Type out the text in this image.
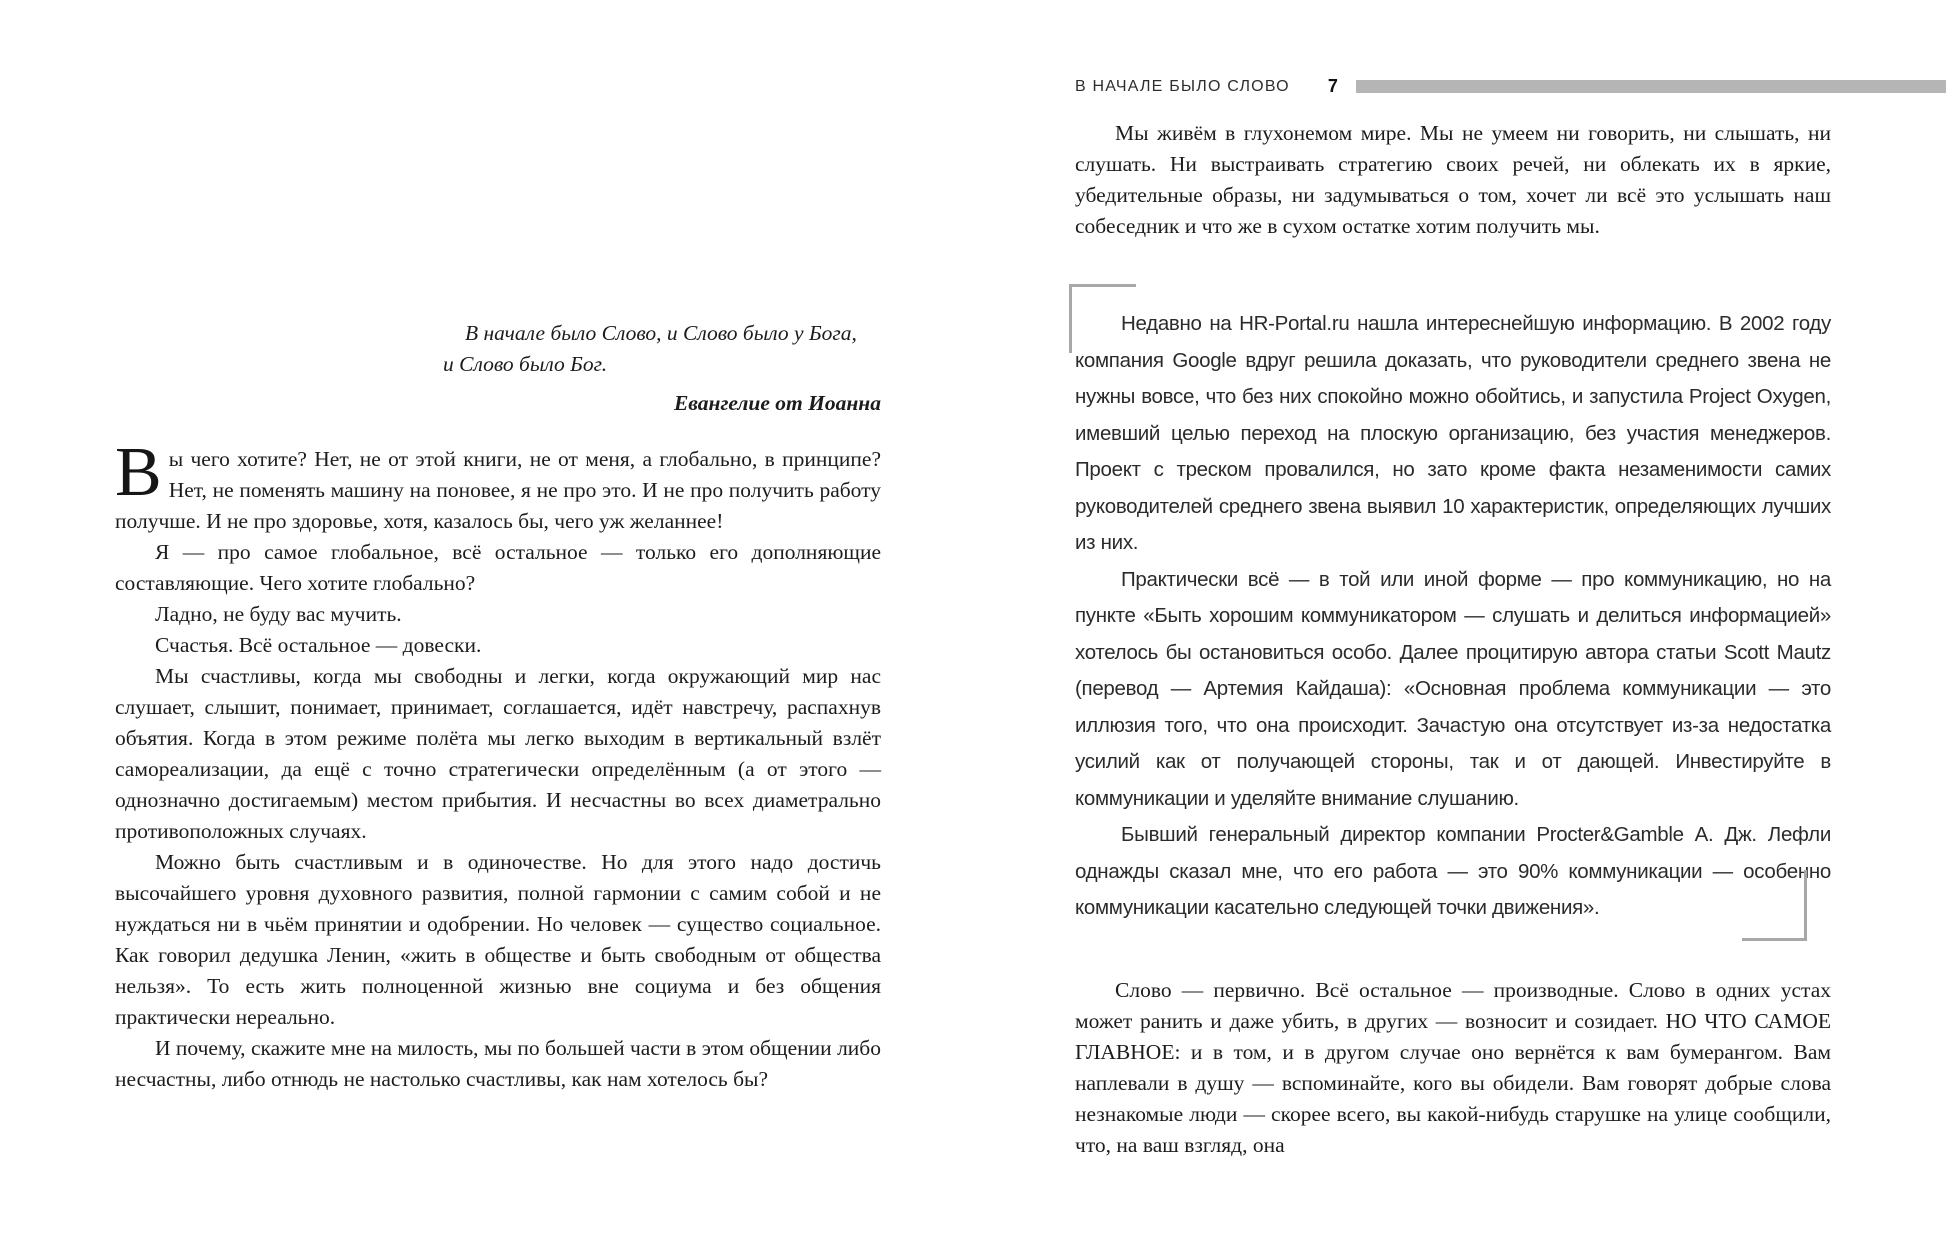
В НАЧАЛЕ БЫЛО СЛОВО 7
В начале было Слово, и Слово было у Бога,
и Слово было Бог.
Евангелие от Иоанна

Вы чего хотите? Нет, не от этой книги, не от меня, а глобально, в принципе? Нет, не поменять машину на поновее, я не про это. И не про получить работу получше. И не про здоровье, хотя, казалось бы, чего уж желаннее!

Я — про самое глобальное, всё остальное — только его дополняющие составляющие. Чего хотите глобально?

Ладно, не буду вас мучить.

Счастья. Всё остальное — довески.

Мы счастливы, когда мы свободны и легки, когда окружающий мир нас слушает, слышит, понимает, принимает, соглашается, идёт навстречу, распахнув объятия. Когда в этом режиме полёта мы легко выходим в вертикальный взлёт самореализации, да ещё с точно стратегически определённым (а от этого — однозначно достигаемым) местом прибытия. И несчастны во всех диаметрально противоположных случаях.

Можно быть счастливым и в одиночестве. Но для этого надо достичь высочайшего уровня духовного развития, полной гармонии с самим собой и не нуждаться ни в чьём принятии и одобрении. Но человек — существо социальное. Как говорил дедушка Ленин, «жить в обществе и быть свободным от общества нельзя». То есть жить полноценной жизнью вне социума и без общения практически нереально.

И почему, скажите мне на милость, мы по большей части в этом общении либо несчастны, либо отнюдь не настолько счастливы, как нам хотелось бы?

Мы живём в глухонемом мире. Мы не умеем ни говорить, ни слышать, ни слушать. Ни выстраивать стратегию своих речей, ни облекать их в яркие, убедительные образы, ни задумываться о том, хочет ли всё это услышать наш собеседник и что же в сухом остатке хотим получить мы.

Недавно на HR-Portal.ru нашла интереснейшую информацию. В 2002 году компания Google вдруг решила доказать, что руководители среднего звена не нужны вовсе, что без них спокойно можно обойтись, и запустила Project Oxygen, имевший целью переход на плоскую организацию, без участия менеджеров. Проект с треском провалился, но зато кроме факта незаменимости самих руководителей среднего звена выявил 10 характеристик, определяющих лучших из них.

Практически всё — в той или иной форме — про коммуникацию, но на пункте «Быть хорошим коммуникатором — слушать и делиться информацией» хотелось бы остановиться особо. Далее процитирую автора статьи Scott Mautz (перевод — Артемия Кайдаша): «Основная проблема коммуникации — это иллюзия того, что она происходит. Зачастую она отсутствует из-за недостатка усилий как от получающей стороны, так и от дающей. Инвестируйте в коммуникации и уделяйте внимание слушанию.

Бывший генеральный директор компании Procter&Gamble А. Дж. Лефли однажды сказал мне, что его работа — это 90% коммуникации — особенно коммуникации касательно следующей точки движения».

Слово — первично. Всё остальное — производные. Слово в одних устах может ранить и даже убить, в других — возносит и созидает. НО ЧТО САМОЕ ГЛАВНОЕ: и в том, и в другом случае оно вернётся к вам бумерангом. Вам наплевали в душу — вспоминайте, кого вы обидели. Вам говорят добрые слова незнакомые люди — скорее всего, вы какой-нибудь старушке на улице сообщили, что, на ваш взгляд, она
